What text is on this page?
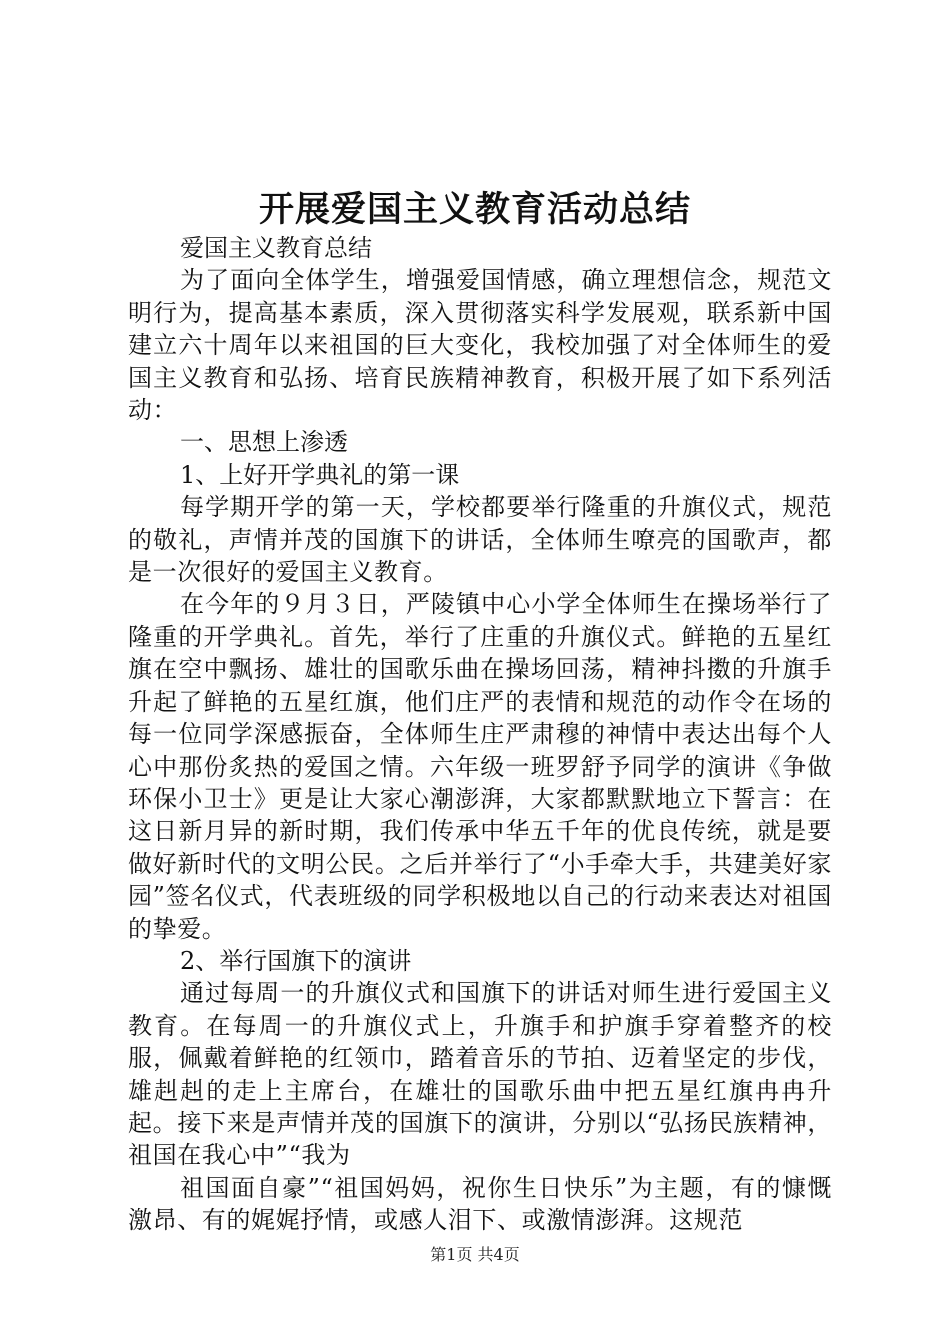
开展爱国主义教育活动总结
爱国主义教育总结
为了面向全体学生，增强爱国情感，确立理想信念，规范文明行为，提高基本素质，深入贯彻落实科学发展观，联系新中国建立六十周年以来祖国的巨大变化，我校加强了对全体师生的爱国主义教育和弘扬、培育民族精神教育，积极开展了如下系列活动：
一、思想上渗透
1、上好开学典礼的第一课
每学期开学的第一天，学校都要举行隆重的升旗仪式，规范的敬礼，声情并茂的国旗下的讲话，全体师生嘹亮的国歌声，都是一次很好的爱国主义教育。
在今年的９月３日，严陵镇中心小学全体师生在操场举行了隆重的开学典礼。首先，举行了庄重的升旗仪式。鲜艳的五星红旗在空中飘扬、雄壮的国歌乐曲在操场回荡，精神抖擞的升旗手升起了鲜艳的五星红旗，他们庄严的表情和规范的动作令在场的每一位同学深感振奋，全体师生庄严肃穆的神情中表达出每个人心中那份炙热的爱国之情。六年级一班罗舒予同学的演讲《争做环保小卫士》更是让大家心潮澎湃，大家都默默地立下誓言：在这日新月异的新时期，我们传承中华五千年的优良传统，就是要做好新时代的文明公民。之后并举行了“小手牵大手，共建美好家园”签名仪式，代表班级的同学积极地以自己的行动来表达对祖国的挚爱。
2、举行国旗下的演讲
通过每周一的升旗仪式和国旗下的讲话对师生进行爱国主义教育。在每周一的升旗仪式上，升旗手和护旗手穿着整齐的校服，佩戴着鲜艳的红领巾，踏着音乐的节拍、迈着坚定的步伐，雄赳赳的走上主席台，在雄壮的国歌乐曲中把五星红旗冉冉升起。接下来是声情并茂的国旗下的演讲，分别以“弘扬民族精神，祖国在我心中”“我为
祖国面自豪”“祖国妈妈，祝你生日快乐”为主题，有的慷慨激昂、有的娓娓抒情，或感人泪下、或激情澎湃。这规范
第1页 共4页
